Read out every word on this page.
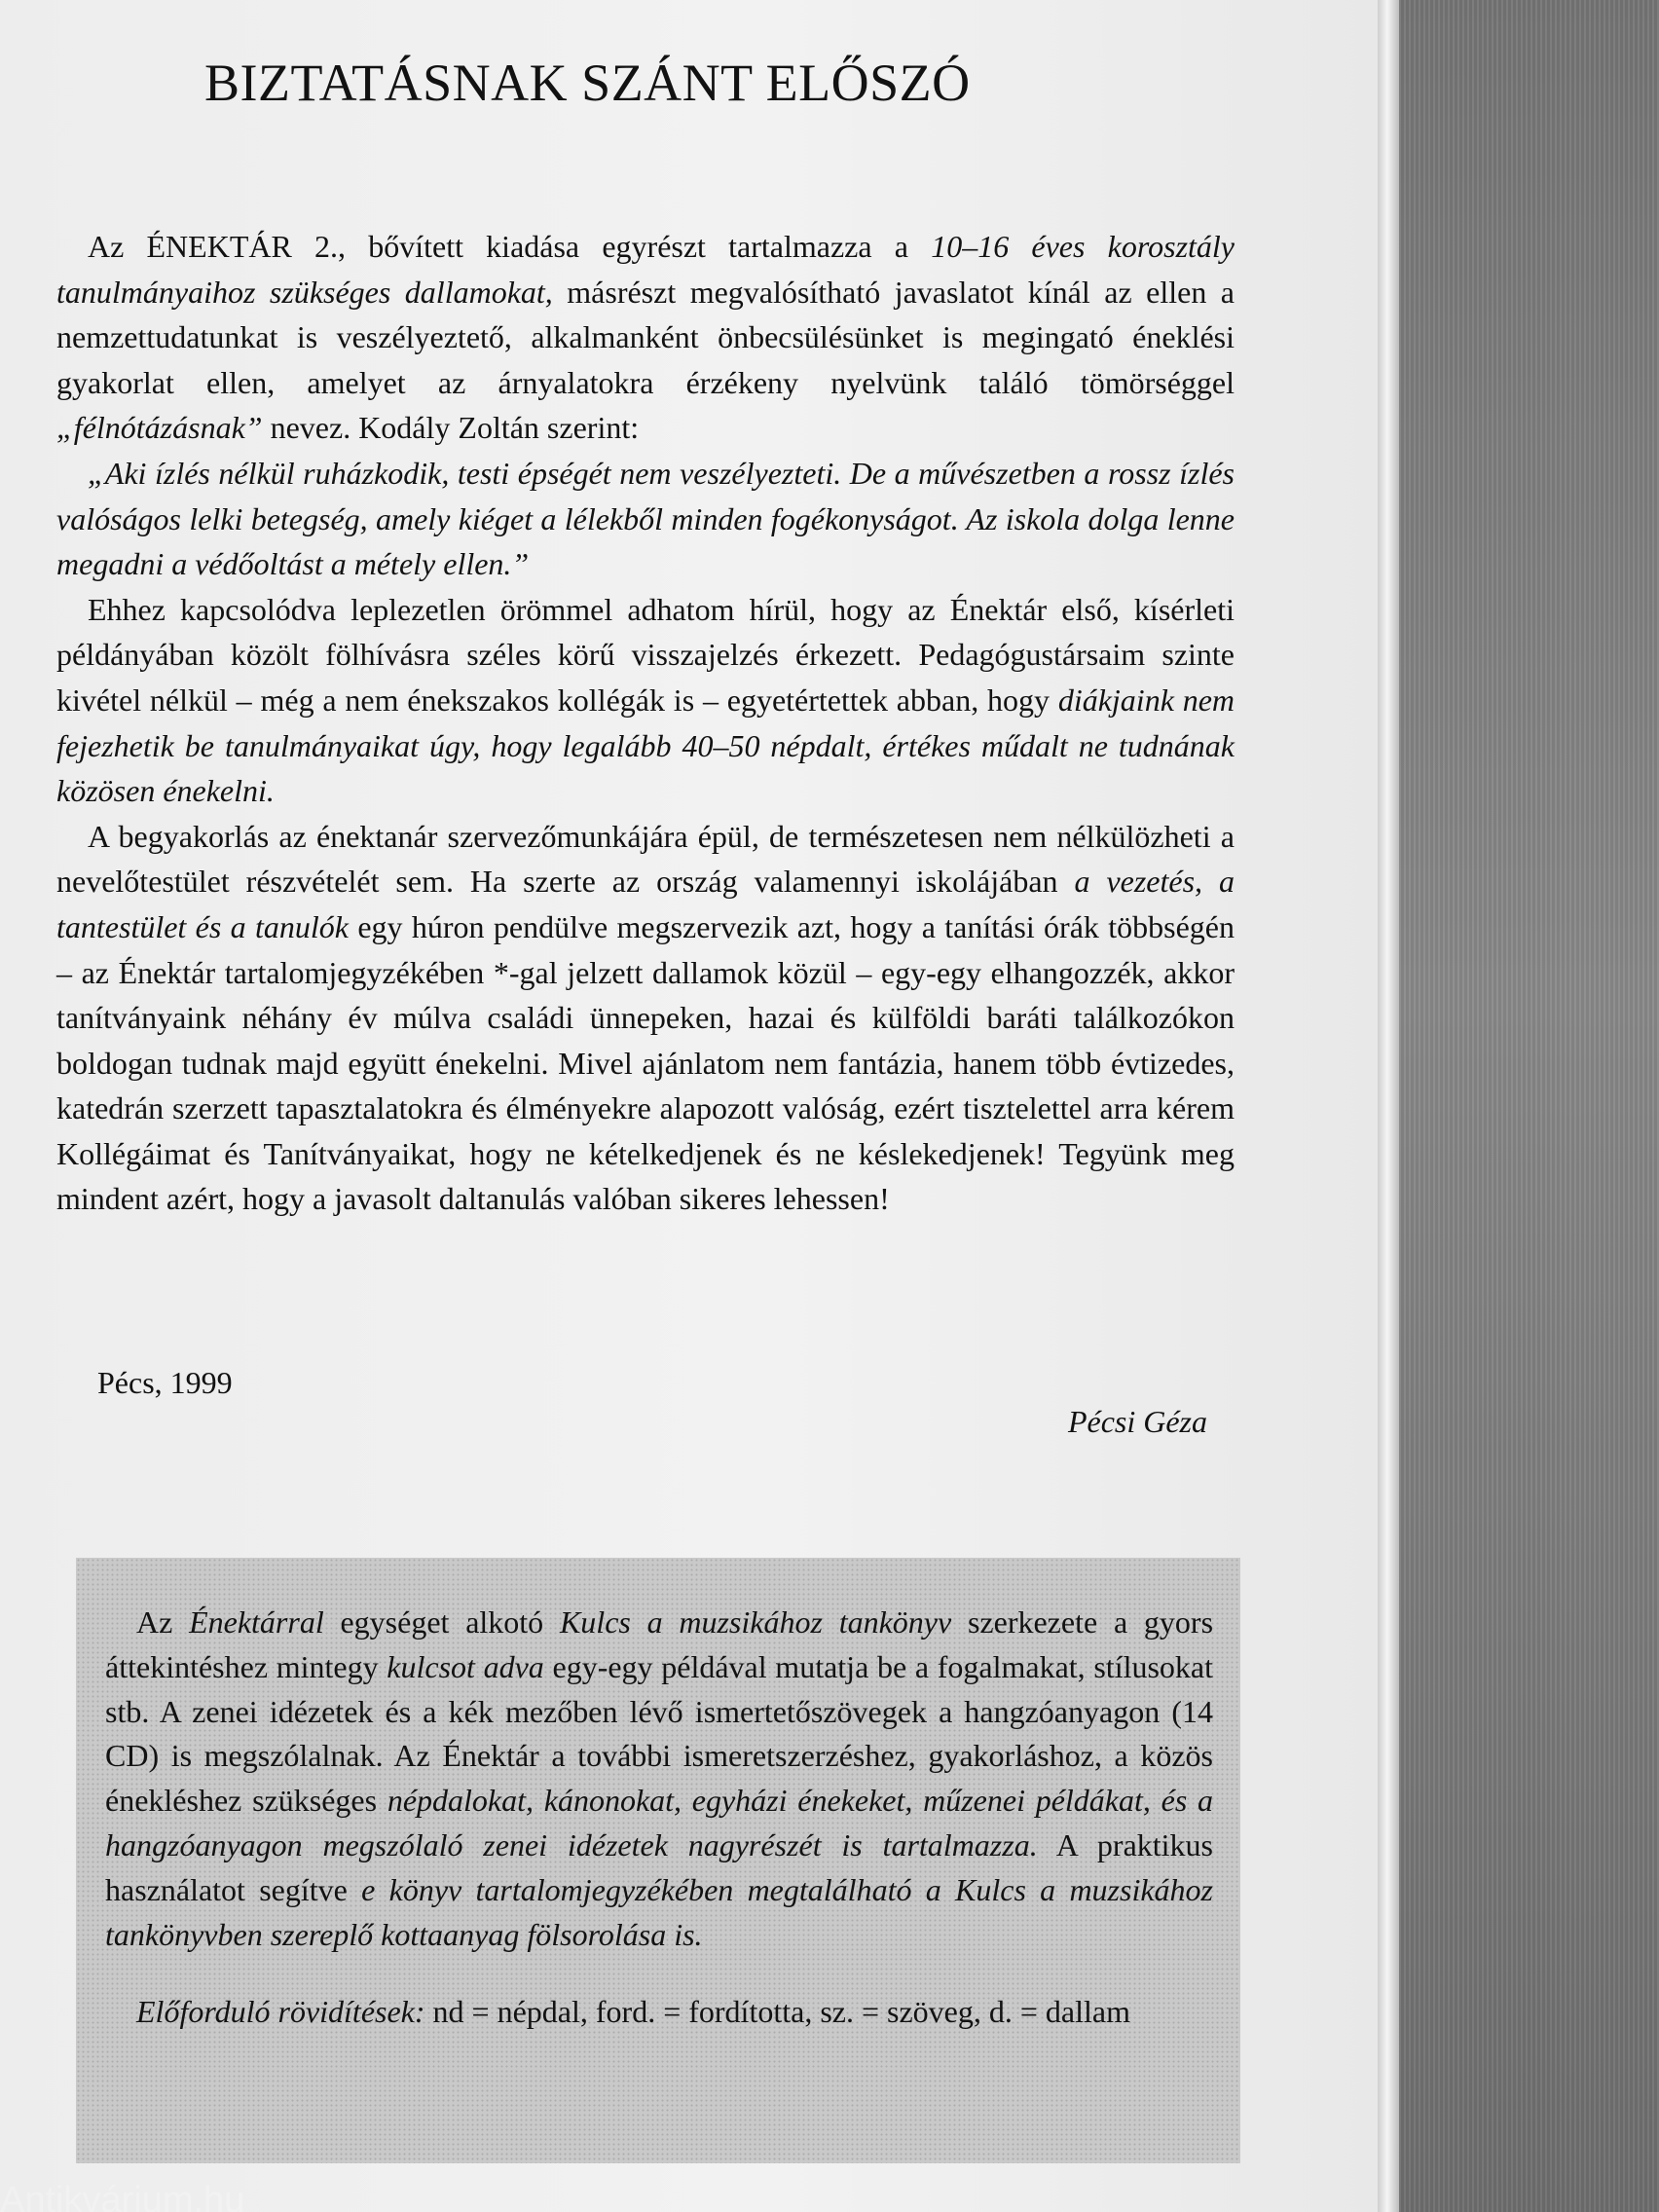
BIZTATÁSNAK SZÁNT ELŐSZÓ

Az ÉNEKTÁR 2., bővített kiadása egyrészt tartalmazza a 10–16 éves korosztály tanulmányaihoz szükséges dallamokat, másrészt megvalósítható javaslatot kínál az ellen a nemzettudatunkat is veszélyeztető, alkalmanként önbecsülésünket is megingató éneklési gyakorlat ellen, amelyet az árnyalatokra érzékeny nyelvünk találó tömörséggel „félnótázásnak” nevez. Kodály Zoltán szerint:

„Aki ízlés nélkül ruházkodik, testi épségét nem veszélyezteti. De a művészetben a rossz ízlés valóságos lelki betegség, amely kiéget a lélekből minden fogékonyságot. Az iskola dolga lenne megadni a védőoltást a métely ellen.”

Ehhez kapcsolódva leplezetlen örömmel adhatom hírül, hogy az Énektár első, kísérleti példányában közölt fölhívásra széles körű visszajelzés érkezett. Pedagógustársaim szinte kivétel nélkül – még a nem énekszakos kollégák is – egyetértettek abban, hogy diákjaink nem fejezhetik be tanulmányaikat úgy, hogy legalább 40–50 népdalt, értékes műdalt ne tudnának közösen énekelni.

A begyakorlás az énektanár szervezőmunkájára épül, de természetesen nem nélkülözheti a nevelőtestület részvételét sem. Ha szerte az ország valamennyi iskolájában a vezetés, a tantestület és a tanulók egy húron pendülve megszervezik azt, hogy a tanítási órák többségén – az Énektár tartalomjegyzékében *-gal jelzett dallamok közül – egy-egy elhangozzék, akkor tanítványaink néhány év múlva családi ünnepeken, hazai és külföldi baráti találkozókon boldogan tudnak majd együtt énekelni. Mivel ajánlatom nem fantázia, hanem több évtizedes, katedrán szerzett tapasztalatokra és élményekre alapozott valóság, ezért tisztelettel arra kérem Kollégáimat és Tanítványaikat, hogy ne kételkedjenek és ne késlekedjenek! Tegyünk meg mindent azért, hogy a javasolt daltanulás valóban sikeres lehessen!

Pécs, 1999
Pécsi Géza

Az Énektárral egységet alkotó Kulcs a muzsikához tankönyv szerkezete a gyors áttekintéshez mintegy kulcsot adva egy-egy példával mutatja be a fogalmakat, stílusokat stb. A zenei idézetek és a kék mezőben lévő ismertetőszövegek a hangzóanyagon (14 CD) is megszólalnak. Az Énektár a további ismeretszerzéshez, gyakorláshoz, a közös énekléshez szükséges népdalokat, kánonokat, egyházi énekeket, műzenei példákat, és a hangzóanyagon megszólaló zenei idézetek nagyrészét is tartalmazza. A praktikus használatot segítve e könyv tartalomjegyzékében megtalálható a Kulcs a muzsikához tankönyvben szereplő kottaanyag fölsorolása is.

Előforduló rövidítések: nd = népdal, ford. = fordította, sz. = szöveg, d. = dallam

Antikvárium.hu
